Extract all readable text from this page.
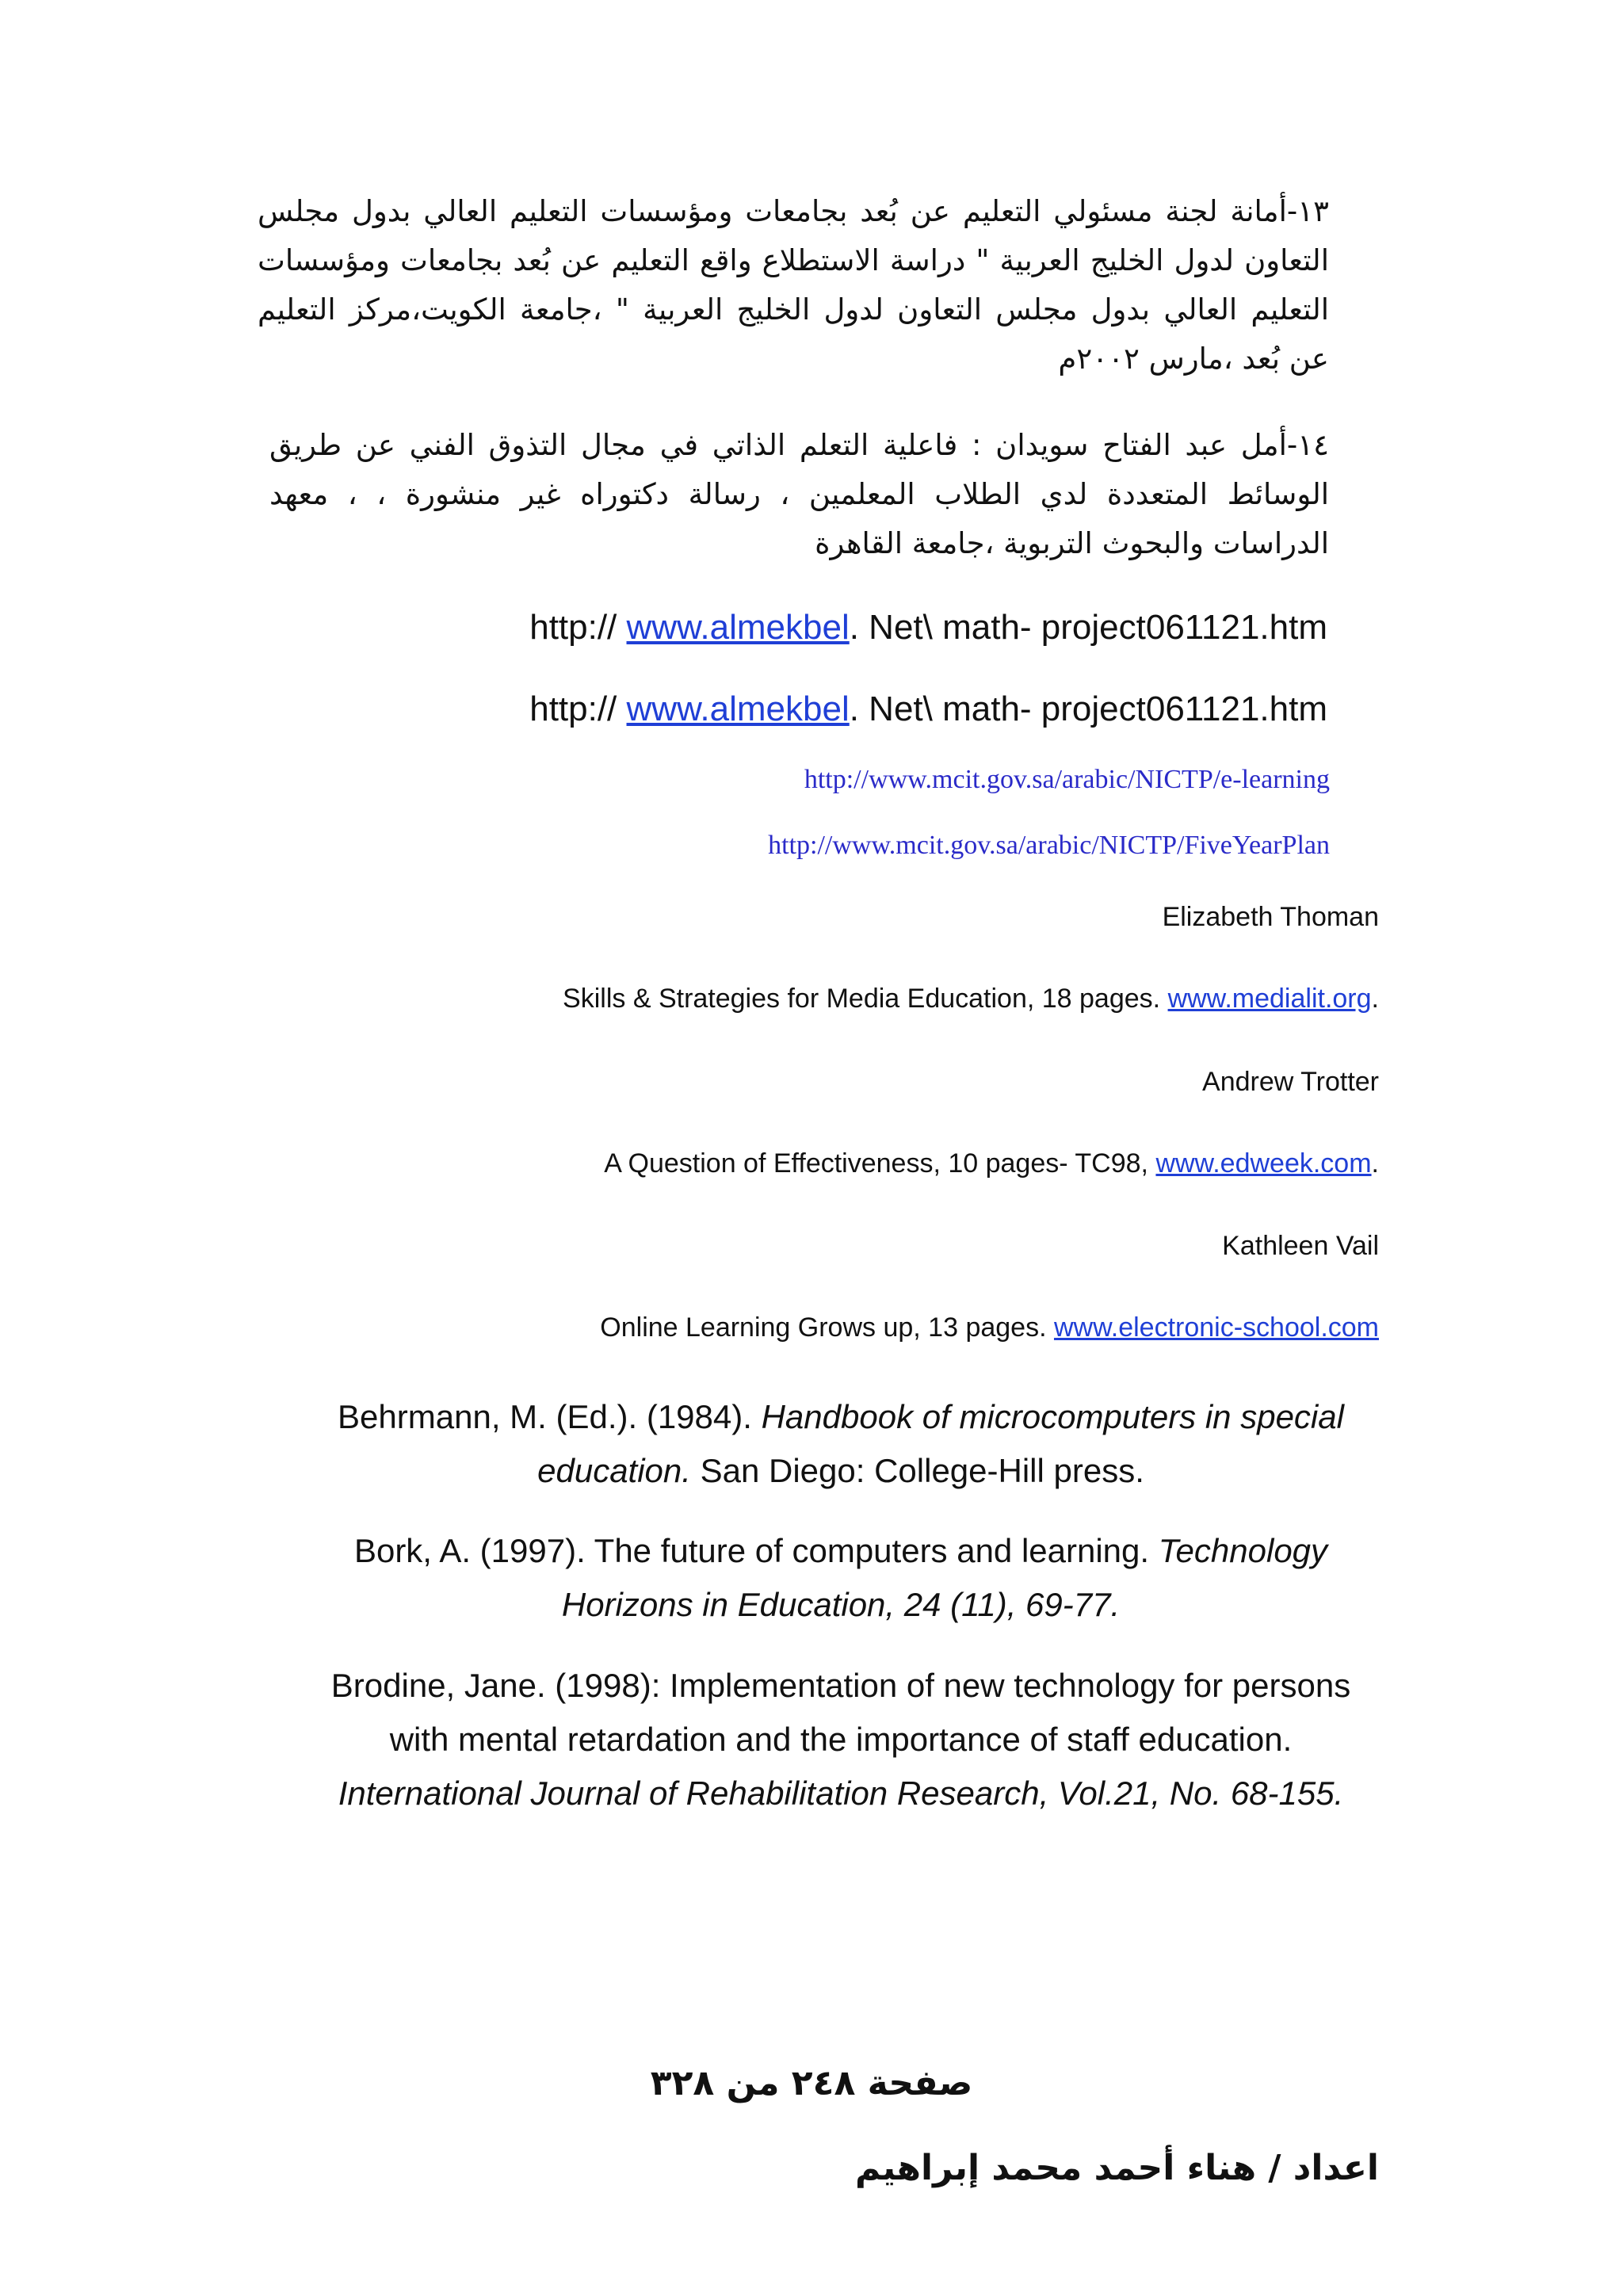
١٣-أمانة لجنة مسئولي التعليم عن بُعد بجامعات ومؤسسات التعليم العالي بدول مجلس التعاون لدول الخليج العربية " دراسة الاستطلاع واقع التعليم عن بُعد بجامعات ومؤسسات التعليم العالي بدول مجلس التعاون لدول الخليج العربية " ،جامعة الكويت،مركز التعليم عن بُعد ،مارس ٢٠٠٢م
١٤-أمل عبد الفتاح سويدان : فاعلية التعلم الذاتي في مجال التذوق الفني عن طريق الوسائط المتعددة لدي الطلاب المعلمين ، رسالة دكتوراه غير منشورة ، ، معهد الدراسات والبحوث التربوية ،جامعة القاهرة
http:// www.almekbel. Net\ math- project061121.htm
http:// www.almekbel. Net\ math- project061121.htm
http://www.mcit.gov.sa/arabic/NICTP/e-learning
http://www.mcit.gov.sa/arabic/NICTP/FiveYearPlan
Elizabeth Thoman
Skills & Strategies for Media Education, 18 pages. www.medialit.org.
Andrew Trotter
A Question of Effectiveness, 10 pages- TC98, www.edweek.com.
Kathleen Vail
Online Learning Grows up, 13 pages. www.electronic-school.com
Behrmann, M. (Ed.). (1984). Handbook of microcomputers in special education. San Diego: College-Hill press.
Bork, A. (1997). The future of computers and learning. Technology Horizons in Education, 24 (11), 69-77.
Brodine, Jane. (1998): Implementation of new technology for persons with mental retardation and the importance of staff education. International Journal of Rehabilitation Research, Vol.21, No. 68-155.
صفحة ٢٤٨ من ٣٢٨
اعداد / هناء أحمد محمد إبراهيم
